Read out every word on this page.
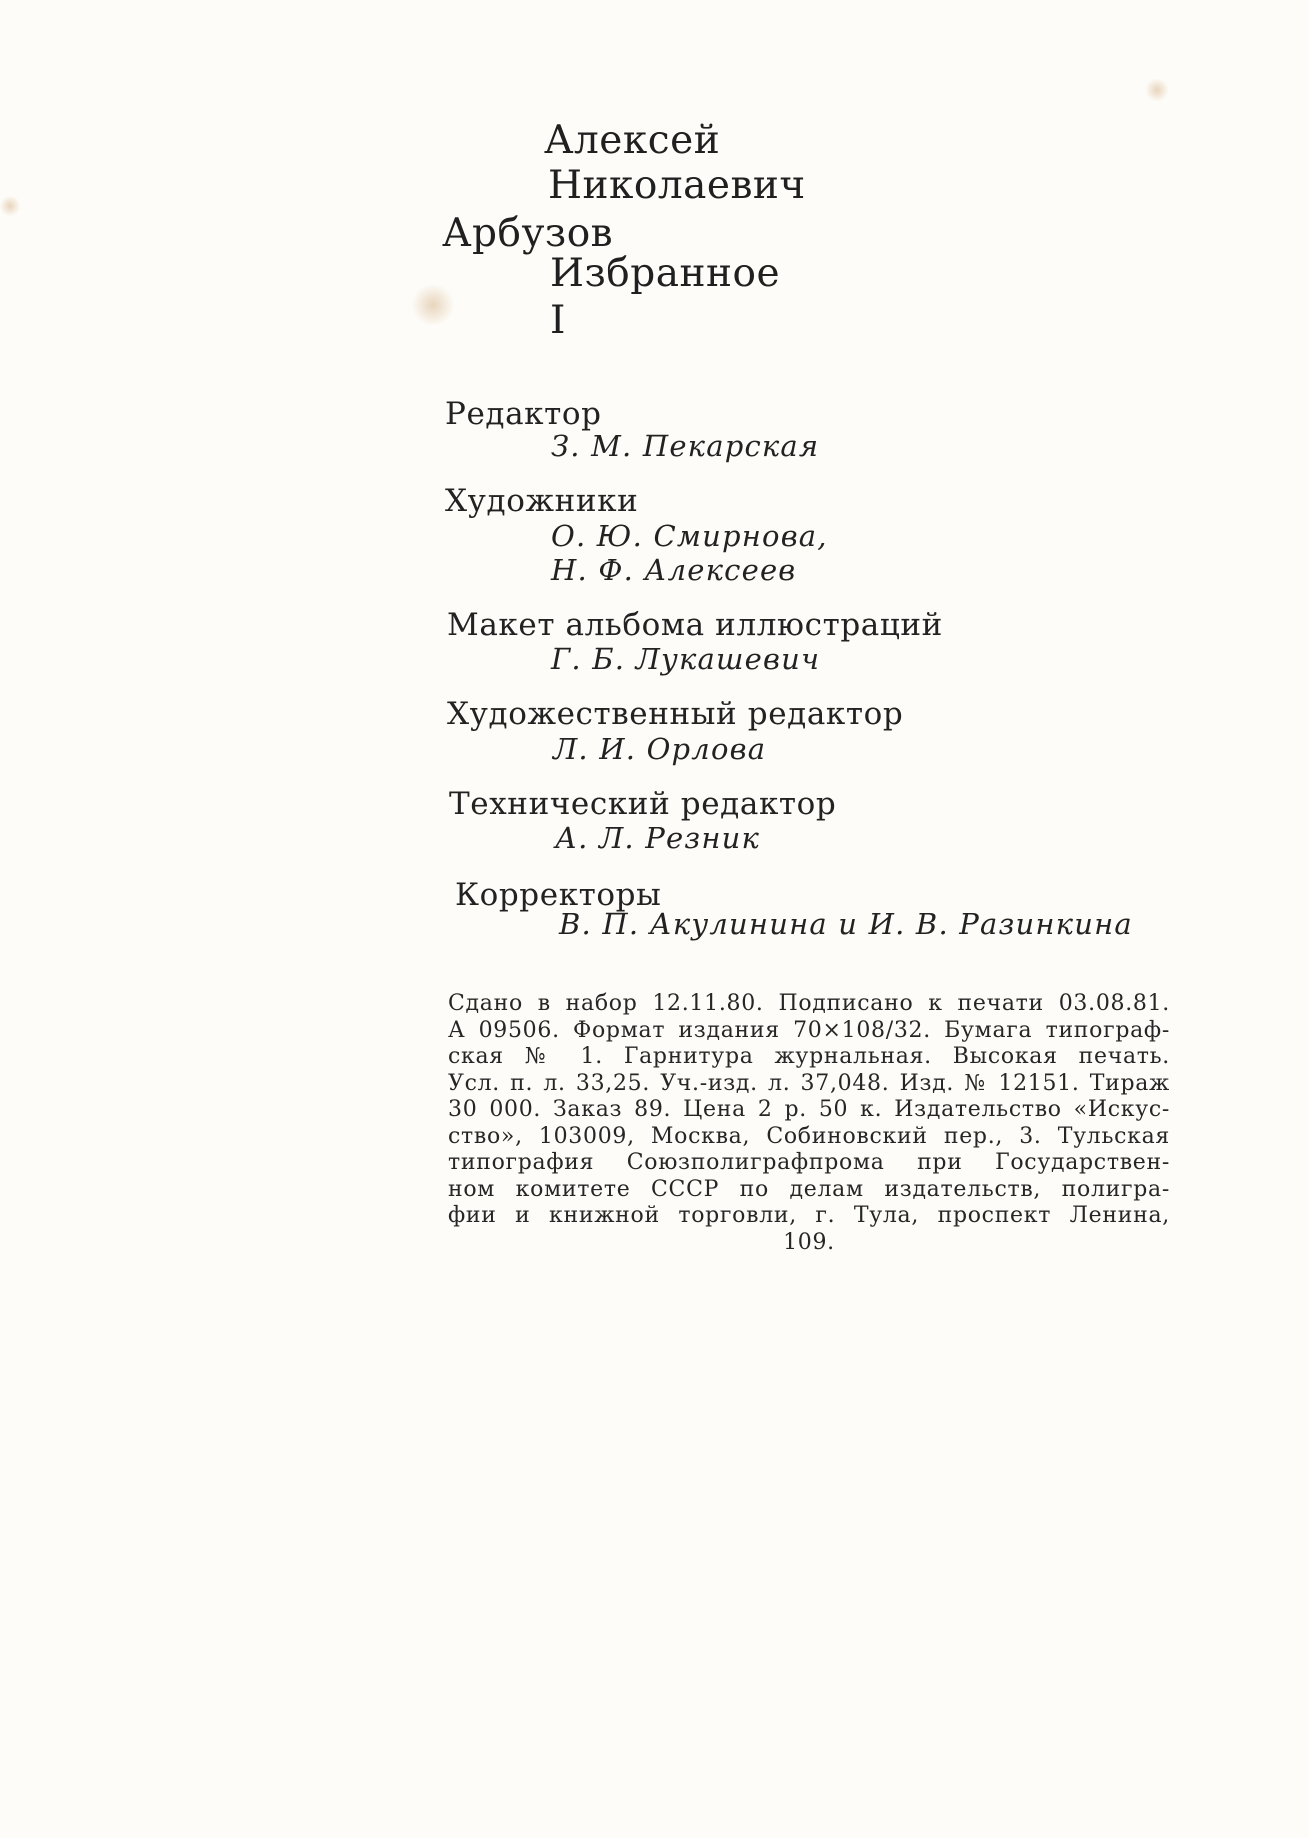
Алексей
Николаевич
Арбузов
Избранное
I
Редактор
З. М. Пекарская
Художники
О. Ю. Смирнова,
Н. Ф. Алексеев
Макет альбома иллюстраций
Г. Б. Лукашевич
Художественный редактор
Л. И. Орлова
Технический редактор
А. Л. Резник
Корректоры
В. П. Акулинина и И. В. Разинкина
Сдано в набор 12.11.80. Подписано к печати 03.08.81.
А 09506. Формат издания 70×108/32. Бумага типограф-
ская № 1. Гарнитура журнальная. Высокая печать.
Усл. п. л. 33,25. Уч.-изд. л. 37,048. Изд. № 12151. Тираж
30 000. Заказ 89. Цена 2 р. 50 к. Издательство «Искус-
ство», 103009, Москва, Собиновский пер., 3. Тульская
типография Союзполиграфпрома при Государствен-
ном комитете СССР по делам издательств, полигра-
фии и книжной торговли, г. Тула, проспект Ленина,
109.
